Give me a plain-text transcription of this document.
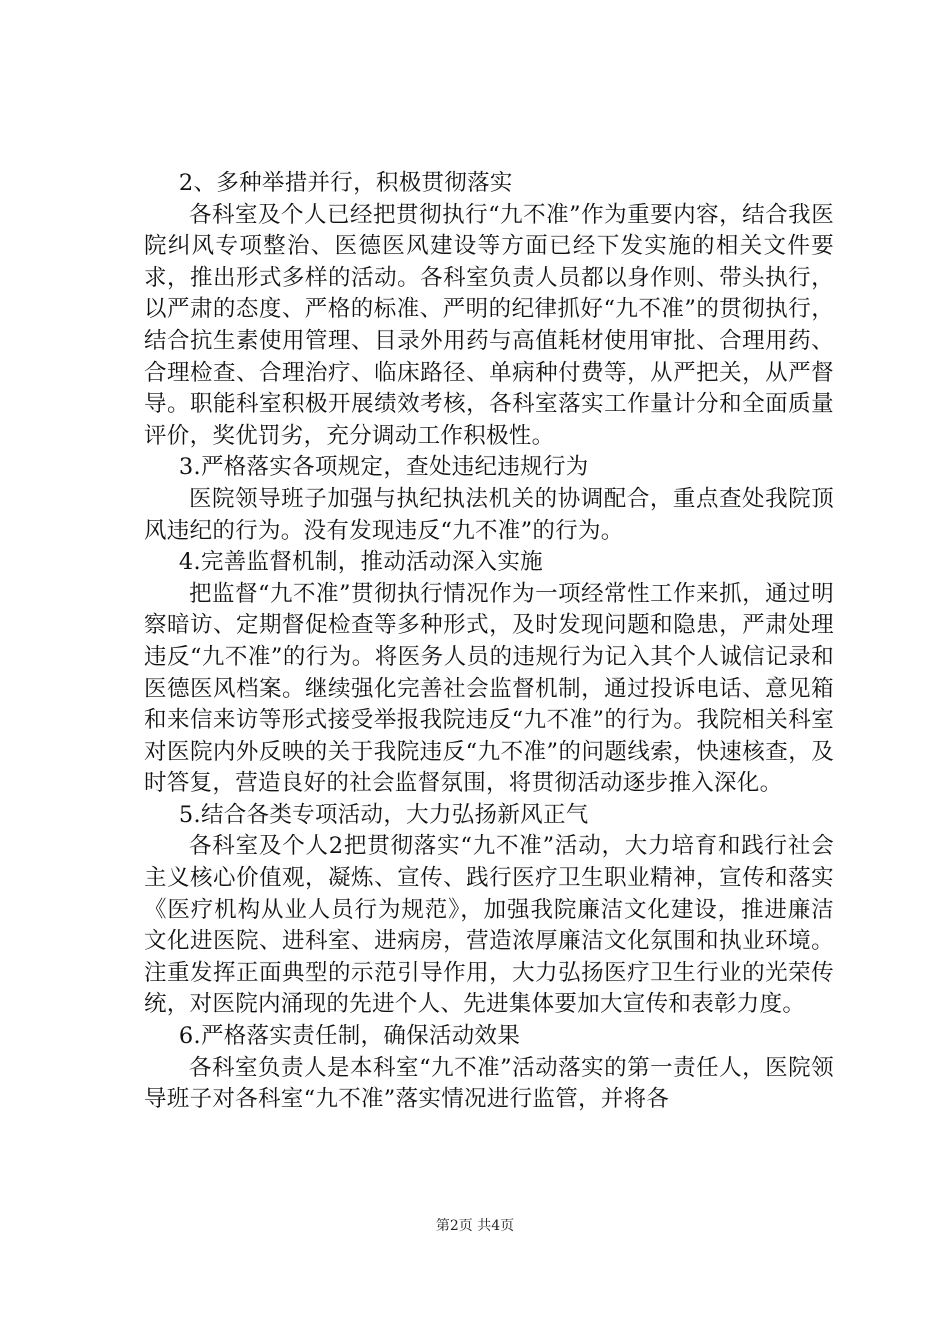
2、多种举措并行，积极贯彻落实

各科室及个人已经把贯彻执行“九不准”作为重要内容，结合我医院纠风专项整治、医德医风建设等方面已经下发实施的相关文件要求，推出形式多样的活动。各科室负责人员都以身作则、带头执行，以严肃的态度、严格的标准、严明的纪律抓好“九不准”的贯彻执行，结合抗生素使用管理、目录外用药与高值耗材使用审批、合理用药、合理检查、合理治疗、临床路径、单病种付费等，从严把关，从严督导。职能科室积极开展绩效考核，各科室落实工作量计分和全面质量评价，奖优罚劣，充分调动工作积极性。

3.严格落实各项规定，查处违纪违规行为

医院领导班子加强与执纪执法机关的协调配合，重点查处我院顶风违纪的行为。没有发现违反“九不准”的行为。

4.完善监督机制，推动活动深入实施

把监督“九不准”贯彻执行情况作为一项经常性工作来抓，通过明察暗访、定期督促检查等多种形式，及时发现问题和隐患，严肃处理违反“九不准”的行为。将医务人员的违规行为记入其个人诚信记录和医德医风档案。继续强化完善社会监督机制，通过投诉电话、意见箱和来信来访等形式接受举报我院违反“九不准”的行为。我院相关科室对医院内外反映的关于我院违反“九不准”的问题线索，快速核查，及时答复，营造良好的社会监督氛围，将贯彻活动逐步推入深化。

5.结合各类专项活动，大力弘扬新风正气

各科室及个人2把贯彻落实“九不准”活动，大力培育和践行社会主义核心价值观，凝炼、宣传、践行医疗卫生职业精神，宣传和落实《医疗机构从业人员行为规范》，加强我院廉洁文化建设，推进廉洁文化进医院、进科室、进病房，营造浓厚廉洁文化氛围和执业环境。注重发挥正面典型的示范引导作用，大力弘扬医疗卫生行业的光荣传统，对医院内涌现的先进个人、先进集体要加大宣传和表彰力度。

6.严格落实责任制，确保活动效果

各科室负责人是本科室“九不准”活动落实的第一责任人，医院领导班子对各科室“九不准”落实情况进行监管，并将各

第2页 共4页
